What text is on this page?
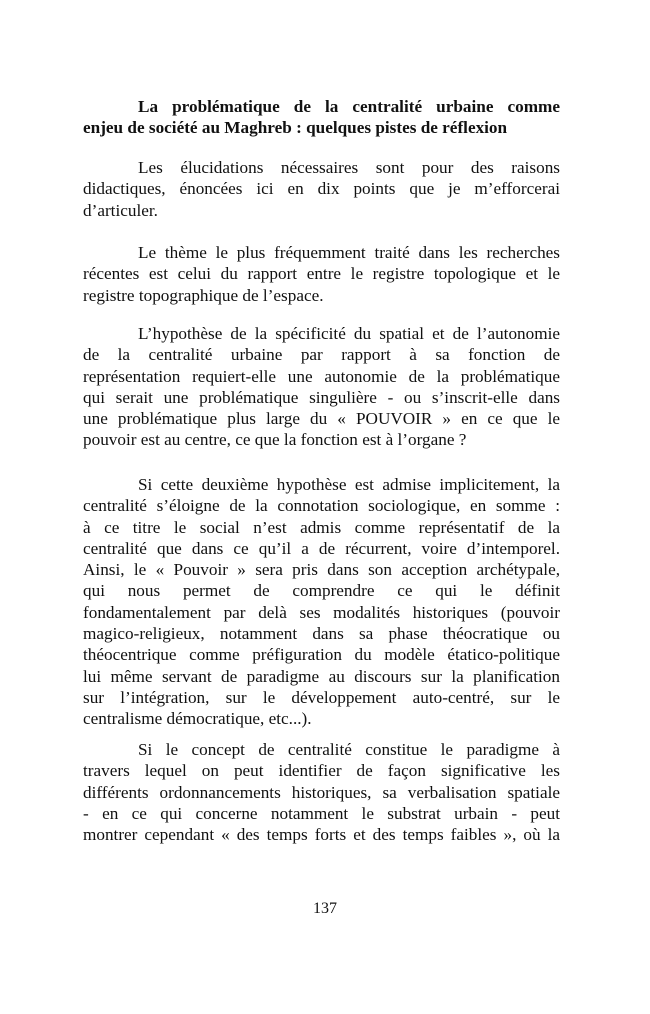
La problématique de la centralité urbaine comme
enjeu de société au Maghreb : quelques pistes de réflexion
Les élucidations nécessaires sont pour des raisons
didactiques, énoncées ici en dix points que je m’efforcerai
d’articuler.
Le thème le plus fréquemment traité dans les recherches
récentes est celui du rapport entre le registre topologique et le
registre topographique de l’espace.
L’hypothèse de la spécificité du spatial et de l’autonomie
de la centralité urbaine par rapport à sa fonction de
représentation requiert-elle une autonomie de la problématique
qui serait une problématique singulière - ou s’inscrit-elle dans
une problématique plus large du « POUVOIR » en ce que le
pouvoir est au centre, ce que la fonction est à l’organe ?
Si cette deuxième hypothèse est admise implicitement, la
centralité s’éloigne de la connotation sociologique, en somme :
à ce titre le social n’est admis comme représentatif de la
centralité que dans ce qu’il a de récurrent, voire d’intemporel.
Ainsi, le « Pouvoir » sera pris dans son acception archétypale,
qui nous permet de comprendre ce qui le définit
fondamentalement par delà ses modalités historiques (pouvoir
magico-religieux, notamment dans sa phase théocratique ou
théocentrique comme préfiguration du modèle étatico-politique
lui même servant de paradigme au discours sur la planification
sur l’intégration, sur le développement auto-centré, sur le
centralisme démocratique, etc...).
Si le concept de centralité constitue le paradigme à
travers lequel on peut identifier de façon significative les
différents ordonnancements historiques, sa verbalisation spatiale
- en ce qui concerne notamment le substrat urbain - peut
montrer cependant « des temps forts et des temps faibles », où la
137
